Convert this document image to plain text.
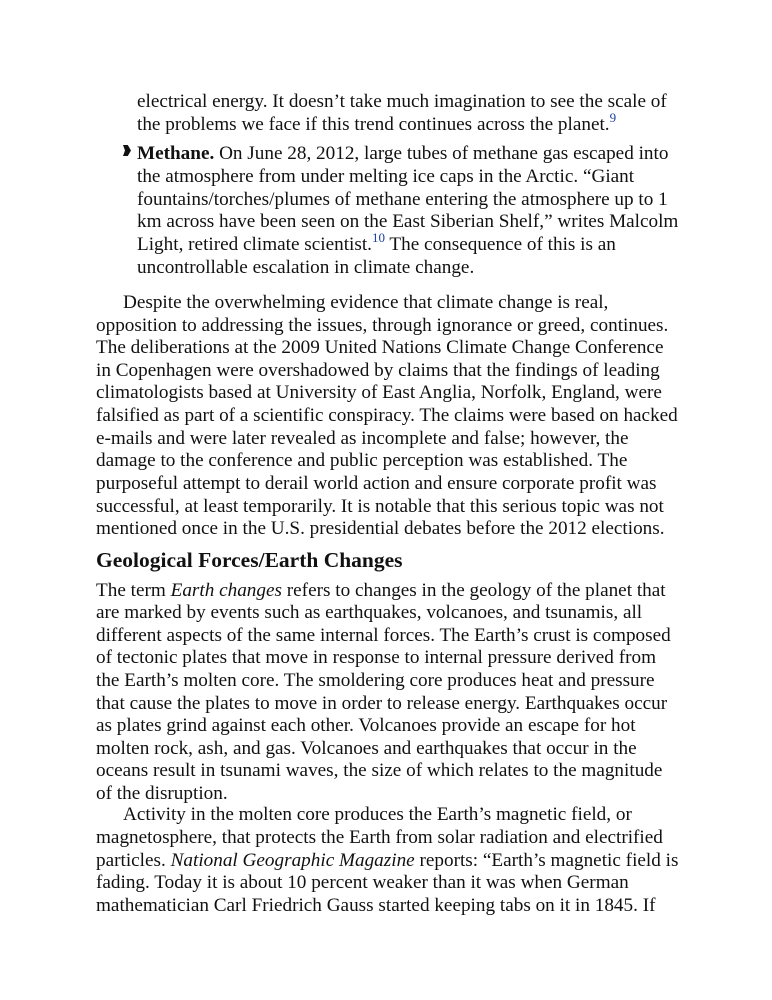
electrical energy. It doesn’t take much imagination to see the scale of
the problems we face if this trend continues across the planet.$^9$
Methane. On June 28, 2012, large tubes of methane gas escaped into
the atmosphere from under melting ice caps in the Arctic. “Giant
fountains/torches/plumes of methane entering the atmosphere up to 1
km across have been seen on the East Siberian Shelf,” writes Malcolm
Light, retired climate scientist.$^{10}$ The consequence of this is an
uncontrollable escalation in climate change.
Despite the overwhelming evidence that climate change is real,
opposition to addressing the issues, through ignorance or greed, continues.
The deliberations at the 2009 United Nations Climate Change Conference
in Copenhagen were overshadowed by claims that the findings of leading
climatologists based at University of East Anglia, Norfolk, England, were
falsified as part of a scientific conspiracy. The claims were based on hacked
e-mails and were later revealed as incomplete and false; however, the
damage to the conference and public perception was established. The
purposeful attempt to derail world action and ensure corporate profit was
successful, at least temporarily. It is notable that this serious topic was not
mentioned once in the U.S. presidential debates before the 2012 elections.
Geological Forces/Earth Changes
The term Earth changes refers to changes in the geology of the planet that
are marked by events such as earthquakes, volcanoes, and tsunamis, all
different aspects of the same internal forces. The Earth’s crust is composed
of tectonic plates that move in response to internal pressure derived from
the Earth’s molten core. The smoldering core produces heat and pressure
that cause the plates to move in order to release energy. Earthquakes occur
as plates grind against each other. Volcanoes provide an escape for hot
molten rock, ash, and gas. Volcanoes and earthquakes that occur in the
oceans result in tsunami waves, the size of which relates to the magnitude
of the disruption.
Activity in the molten core produces the Earth’s magnetic field, or
magnetosphere, that protects the Earth from solar radiation and electrified
particles. National Geographic Magazine reports: “Earth’s magnetic field is
fading. Today it is about 10 percent weaker than it was when German
mathematician Carl Friedrich Gauss started keeping tabs on it in 1845. If
